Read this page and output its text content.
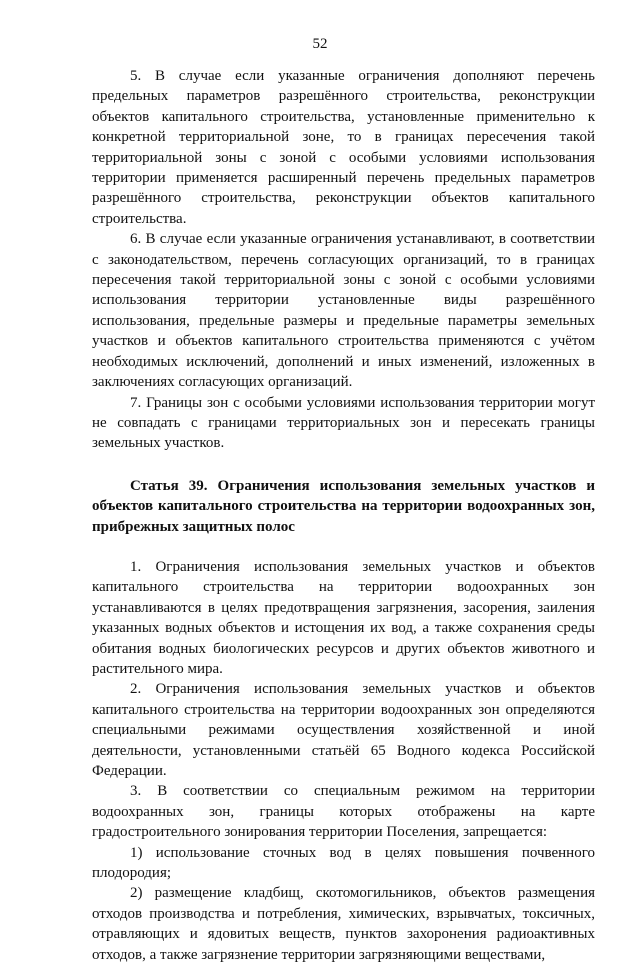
52

5. В случае если указанные ограничения дополняют перечень предельных параметров разрешённого строительства, реконструкции объектов капитального строительства, установленные применительно к конкретной территориальной зоне, то в границах пересечения такой территориальной зоны с зоной с особыми условиями использования территории применяется расширенный перечень предельных параметров разрешённого строительства, реконструкции объектов капитального строительства.

6. В случае если указанные ограничения устанавливают, в соответствии с законодательством, перечень согласующих организаций, то в границах пересечения такой территориальной зоны с зоной с особыми условиями использования территории установленные виды разрешённого использования, предельные размеры и предельные параметры земельных участков и объектов капитального строительства применяются с учётом необходимых исключений, дополнений и иных изменений, изложенных в заключениях согласующих организаций.

7. Границы зон с особыми условиями использования территории могут не совпадать с границами территориальных зон и пересекать границы земельных участков.

Статья 39. Ограничения использования земельных участков и объектов капитального строительства на территории водоохранных зон, прибрежных защитных полос

1. Ограничения использования земельных участков и объектов капитального строительства на территории водоохранных зон устанавливаются в целях предотвращения загрязнения, засорения, заиления указанных водных объектов и истощения их вод, а также сохранения среды обитания водных биологических ресурсов и других объектов животного и растительного мира.

2. Ограничения использования земельных участков и объектов капитального строительства на территории водоохранных зон определяются специальными режимами осуществления хозяйственной и иной деятельности, установленными статьёй 65 Водного кодекса Российской Федерации.

3. В соответствии со специальным режимом на территории водоохранных зон, границы которых отображены на карте градостроительного зонирования территории Поселения, запрещается:

1) использование сточных вод в целях повышения почвенного плодородия;

2) размещение кладбищ, скотомогильников, объектов размещения отходов производства и потребления, химических, взрывчатых, токсичных, отравляющих и ядовитых веществ, пунктов захоронения радиоактивных отходов, а также загрязнение территории загрязняющими веществами,
